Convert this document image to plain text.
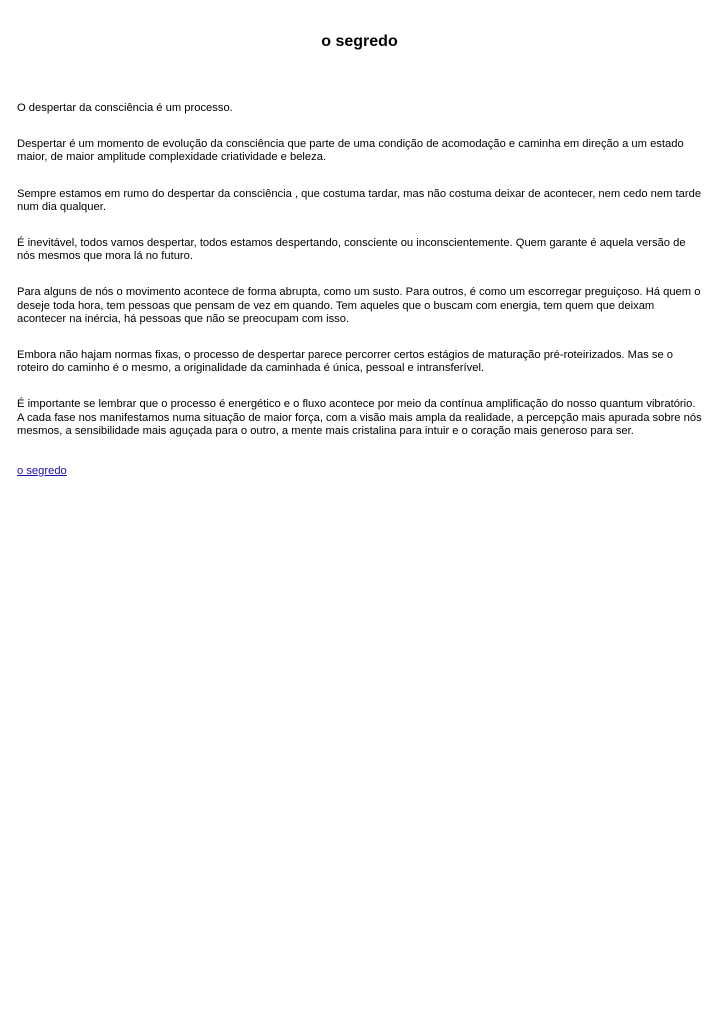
o segredo

O despertar da consciência é um processo.

Despertar é um momento de evolução da consciência que parte de uma condição de acomodação e caminha em direção a um estado maior, de maior amplitude complexidade criatividade e beleza.

Sempre estamos em rumo do despertar da consciência , que costuma tardar, mas não costuma deixar de acontecer, nem cedo nem tarde num dia qualquer.

É inevitável, todos vamos despertar, todos estamos despertando, consciente ou inconscientemente. Quem garante é aquela versão de nós mesmos que mora lá no futuro.

Para alguns de nós o movimento acontece de forma abrupta, como um susto. Para outros, é como um escorregar preguiçoso. Há quem o deseje toda hora, tem pessoas que pensam de vez em quando. Tem aqueles que o buscam com energia, tem quem que deixam acontecer na inércia, há pessoas que não se preocupam com isso.

Embora não hajam normas fixas, o processo de despertar parece percorrer certos estágios de maturação pré-roteirizados. Mas se o roteiro do caminho é o mesmo, a originalidade da caminhada é única, pessoal e intransferível.

É importante se lembrar que o processo é energético e o fluxo acontece por meio da contínua amplificação do nosso quantum vibratório. A cada fase nos manifestamos numa situação de maior força, com a visão mais ampla da realidade, a percepção mais apurada sobre nós mesmos, a sensibilidade mais aguçada para o outro, a mente mais cristalina para intuir e o coração mais generoso para ser.

o segredo
